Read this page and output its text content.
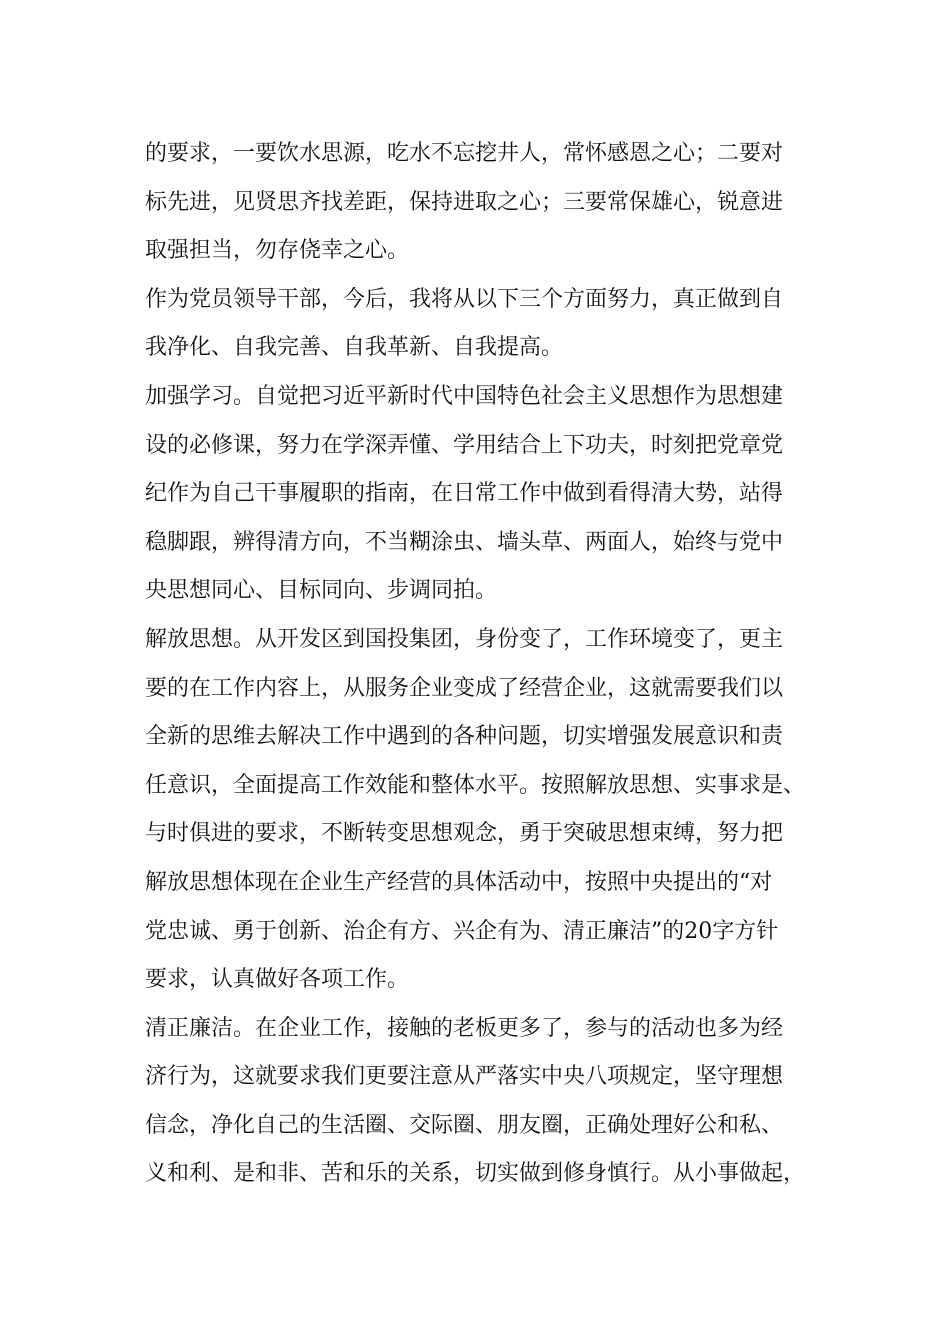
的要求，一要饮水思源，吃水不忘挖井人，常怀感恩之心；二要对
标先进，见贤思齐找差距，保持进取之心；三要常保雄心，锐意进
取强担当，勿存侥幸之心。
作为党员领导干部，今后，我将从以下三个方面努力，真正做到自
我净化、自我完善、自我革新、自我提高。
加强学习。自觉把习近平新时代中国特色社会主义思想作为思想建
设的必修课，努力在学深弄懂、学用结合上下功夫，时刻把党章党
纪作为自己干事履职的指南，在日常工作中做到看得清大势，站得
稳脚跟，辨得清方向，不当糊涂虫、墙头草、两面人，始终与党中
央思想同心、目标同向、步调同拍。
解放思想。从开发区到国投集团，身份变了，工作环境变了，更主
要的在工作内容上，从服务企业变成了经营企业，这就需要我们以
全新的思维去解决工作中遇到的各种问题，切实增强发展意识和责
任意识，全面提高工作效能和整体水平。按照解放思想、实事求是、
与时俱进的要求，不断转变思想观念，勇于突破思想束缚，努力把
解放思想体现在企业生产经营的具体活动中，按照中央提出的“对
党忠诚、勇于创新、治企有方、兴企有为、清正廉洁”的20字方针
要求，认真做好各项工作。
清正廉洁。在企业工作，接触的老板更多了，参与的活动也多为经
济行为，这就要求我们更要注意从严落实中央八项规定，坚守理想
信念，净化自己的生活圈、交际圈、朋友圈，正确处理好公和私、
义和利、是和非、苦和乐的关系，切实做到修身慎行。从小事做起，
